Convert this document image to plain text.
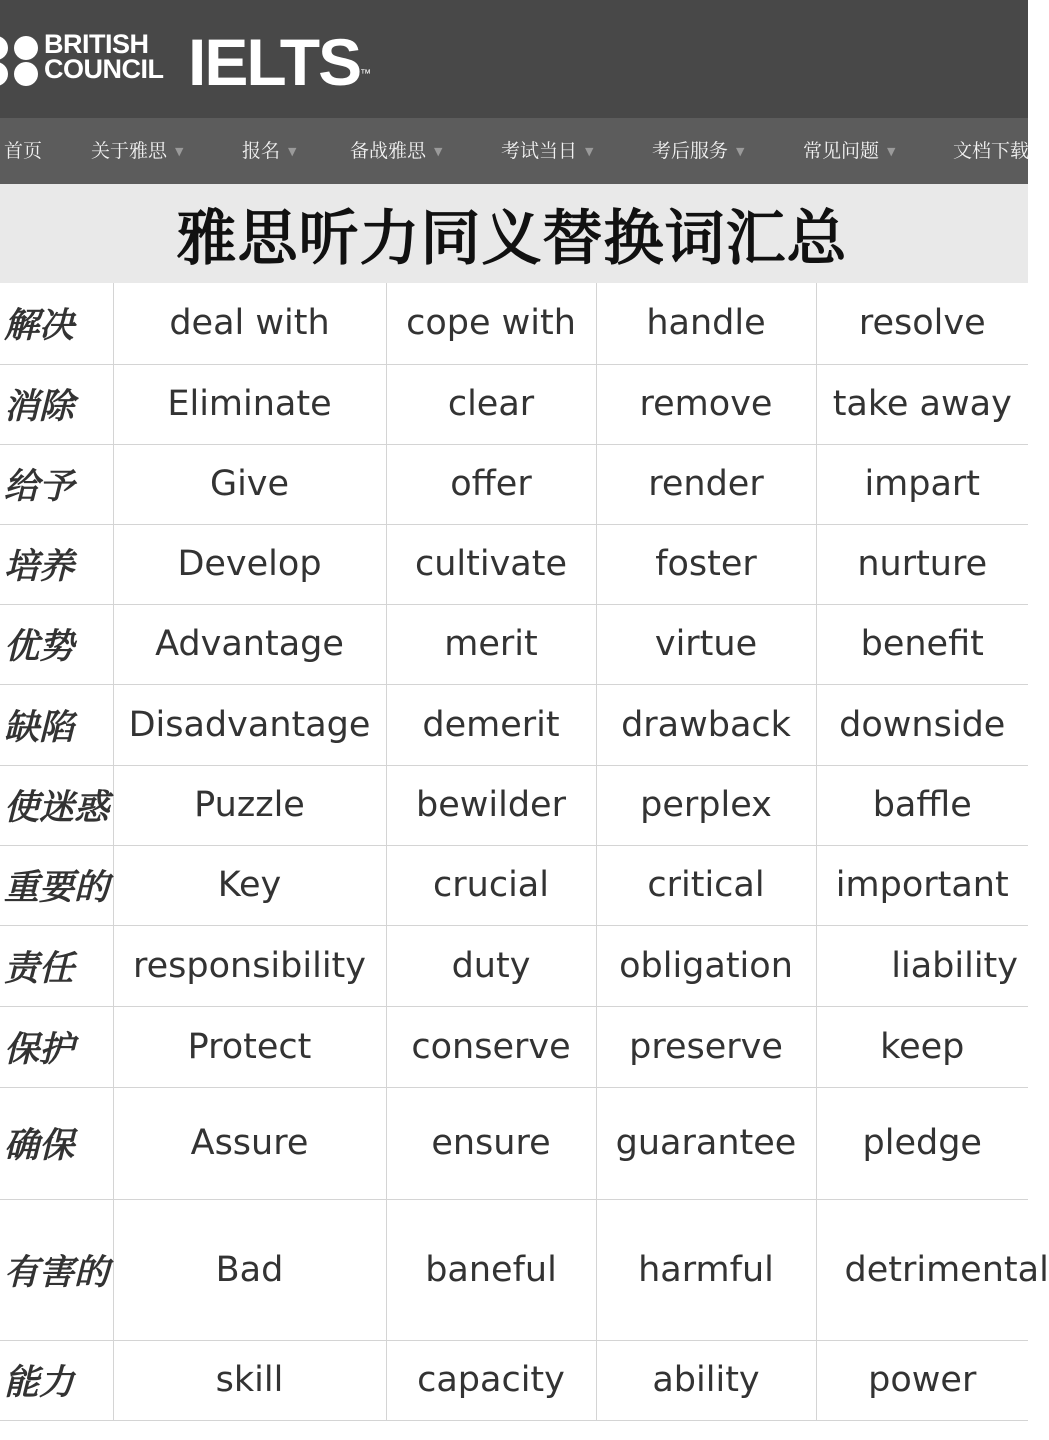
BRITISH
COUNCIL IELTS™
首页	关于雅思 ▼	报名 ▼	备战雅思 ▼	考试当日 ▼	考后服务 ▼	常见问题 ▼	文档下载
雅思听力同义替换词汇总
解决	deal with	cope with	handle	resolve
消除	Eliminate	clear	remove	take away
给予	Give	offer	render	impart
培养	Develop	cultivate	foster	nurture
优势	Advantage	merit	virtue	benefit
缺陷	Disadvantage	demerit	drawback	downside
使迷惑	Puzzle	bewilder	perplex	baffle
重要的	Key	crucial	critical	important
责任	responsibility	duty	obligation	liability
保护	Protect	conserve	preserve	keep
确保	Assure	ensure	guarantee	pledge
有害的	Bad	baneful	harmful	detrimental
能力	skill	capacity	ability	power
